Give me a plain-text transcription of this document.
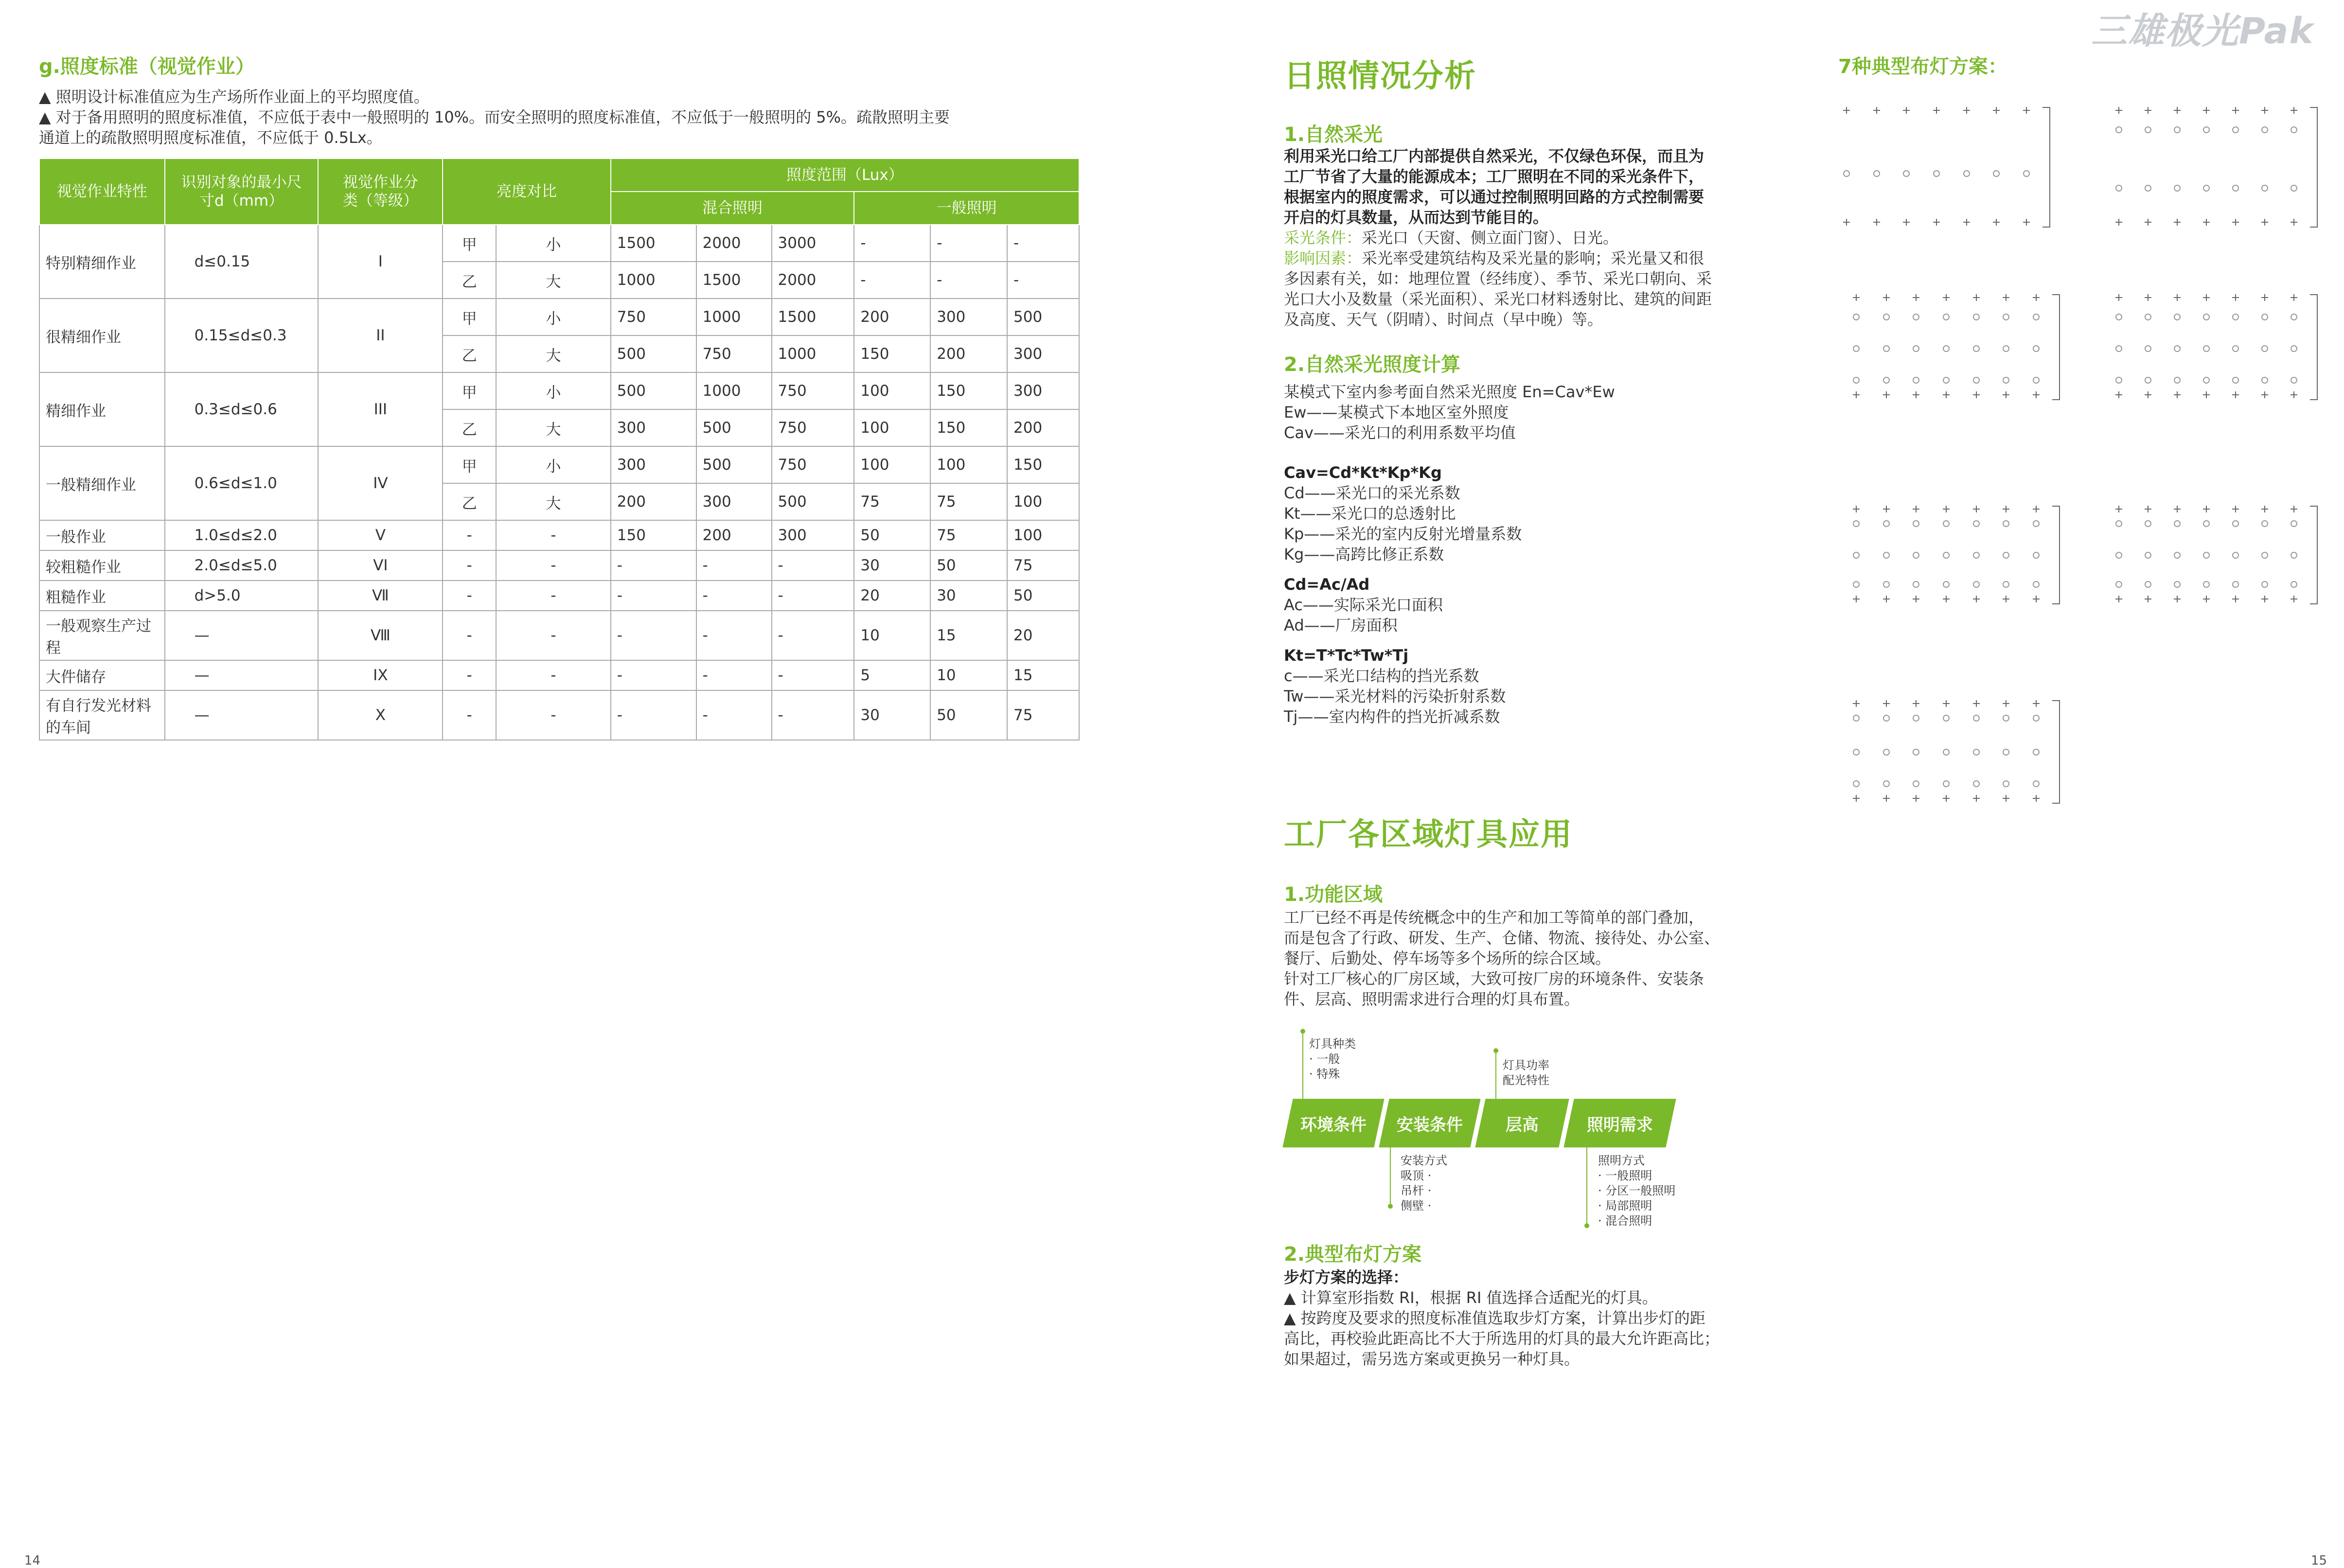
g.照度标准（视觉作业）
▲ 照明设计标准值应为生产场所作业面上的平均照度值。
▲ 对于备用照明的照度标准值，不应低于表中一般照明的 10%。而安全照明的照度标准值，不应低于一般照明的 5%。疏散照明主要
通道上的疏散照明照度标准值，不应低于 0.5Lx。
视觉作业特性	识别对象的最小尺寸d（mm）	视觉作业分类（等级）	亮度对比		照度范围（Lux）					
					混合照明			一般照明		
特别精细作业	d≤0.15	I	甲	小	1500	2000	3000	-	-	-
			乙	大	1000	1500	2000	-	-	-
很精细作业	0.15≤d≤0.3	II	甲	小	750	1000	1500	200	300	500
			乙	大	500	750	1000	150	200	300
精细作业	0.3≤d≤0.6	III	甲	小	500	1000	750	100	150	300
			乙	大	300	500	750	100	150	200
一般精细作业	0.6≤d≤1.0	IV	甲	小	300	500	750	100	100	150
			乙	大	200	300	500	75	75	100
一般作业	1.0≤d≤2.0	V	-	-	150	200	300	50	75	100
较粗糙作业	2.0≤d≤5.0	VI	-	-	-	-	-	30	50	75
粗糙作业	d>5.0	Ⅶ	-	-	-	-	-	20	30	50
一般观察生产过程	—	Ⅷ	-	-	-	-	-	10	15	20
大件储存	—	IX	-	-	-	-	-	5	10	15
有自行发光材料的车间	—	X	-	-	-	-	-	30	50	75
14
三雄极光Pak
日照情况分析
1.自然采光
利用采光口给工厂内部提供自然采光，不仅绿色环保，而且为
工厂节省了大量的能源成本；工厂照明在不同的采光条件下，
根据室内的照度需求，可以通过控制照明回路的方式控制需要
开启的灯具数量，从而达到节能目的。
采光条件：采光口（天窗、侧立面门窗）、日光。
影响因素：采光率受建筑结构及采光量的影响；采光量又和很
多因素有关，如：地理位置（经纬度）、季节、采光口朝向、采
光口大小及数量（采光面积）、采光口材料透射比、建筑的间距
及高度、天气（阴晴）、时间点（早中晚）等。
2.自然采光照度计算
某模式下室内参考面自然采光照度 En=Cav*Ew
Ew——某模式下本地区室外照度
Cav——采光口的利用系数平均值
Cav=Cd*Kt*Kp*Kg
Cd——采光口的采光系数
Kt——采光口的总透射比
Kp——采光的室内反射光增量系数
Kg——高跨比修正系数
Cd=Ac/Ad
Ac——实际采光口面积
Ad——厂房面积
Kt=T*Tc*Tw*Tj
c——采光口结构的挡光系数
Tw——采光材料的污染折射系数
Tj——室内构件的挡光折减系数
7种典型布灯方案：
工厂各区域灯具应用
1.功能区域
工厂已经不再是传统概念中的生产和加工等简单的部门叠加，
而是包含了行政、研发、生产、仓储、物流、接待处、办公室、
餐厅、后勤处、停车场等多个场所的综合区域。
针对工厂核心的厂房区域，大致可按厂房的环境条件、安装条
件、层高、照明需求进行合理的灯具布置。
灯具种类
· 一般
· 特殊
灯具功率
配光特性
环境条件 安装条件	层高	照明需求
安装方式
吸顶 ·
吊杆 ·
侧壁 ·
照明方式
· 一般照明
· 分区一般照明
· 局部照明
· 混合照明
2.典型布灯方案
步灯方案的选择：
▲ 计算室形指数 RI，根据 RI 值选择合适配光的灯具。
▲ 按跨度及要求的照度标准值选取步灯方案，计算出步灯的距
高比，再校验此距高比不大于所选用的灯具的最大允许距高比；
如果超过，需另选方案或更换另一种灯具。
15
